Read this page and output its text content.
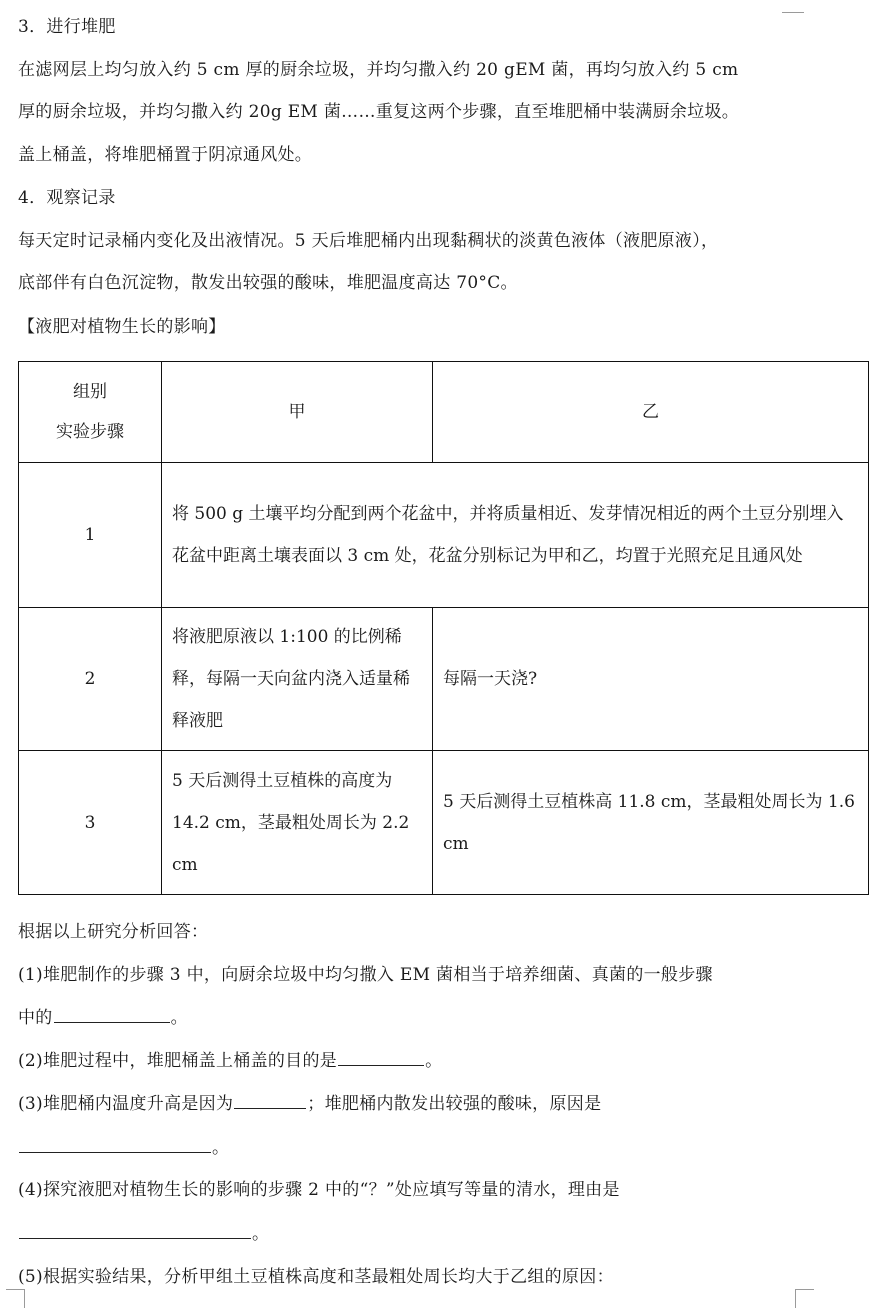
3．进行堆肥

在滤网层上均匀放入约 5 cm 厚的厨余垃圾，并均匀撒入约 20 gEM 菌，再均匀放入约 5 cm

厚的厨余垃圾，并均匀撒入约 20g EM 菌……重复这两个步骤，直至堆肥桶中装满厨余垃圾。

盖上桶盖，将堆肥桶置于阴凉通风处。

4．观察记录

每天定时记录桶内变化及出液情况。5 天后堆肥桶内出现黏稠状的淡黄色液体（液肥原液），

底部伴有白色沉淀物，散发出较强的酸味，堆肥温度高达 70°C。

【液肥对植物生长的影响】

组别
实验步骤	甲	乙
1	将 500 g 土壤平均分配到两个花盆中，并将质量相近、发芽情况相近的两个土豆分别埋入花盆中距离土壤表面以 3 cm 处，花盆分别标记为甲和乙，均置于光照充足且通风处	
2	将液肥原液以 1:100 的比例稀释，每隔一天向盆内浇入适量稀释液肥	每隔一天浇?
3	5 天后测得土豆植株的高度为 14.2 cm，茎最粗处周长为 2.2 cm	5 天后测得土豆植株高 11.8 cm，茎最粗处周长为 1.6 cm

根据以上研究分析回答：

(1)堆肥制作的步骤 3 中，向厨余垃圾中均匀撒入 EM 菌相当于培养细菌、真菌的一般步骤

中的	。

(2)堆肥过程中，堆肥桶盖上桶盖的目的是	。

(3)堆肥桶内温度升高是因为	；堆肥桶内散发出较强的酸味，原因是

。

(4)探究液肥对植物生长的影响的步骤 2 中的“？”处应填写等量的清水，理由是

。

(5)根据实验结果，分析甲组土豆植株高度和茎最粗处周长均大于乙组的原因：
